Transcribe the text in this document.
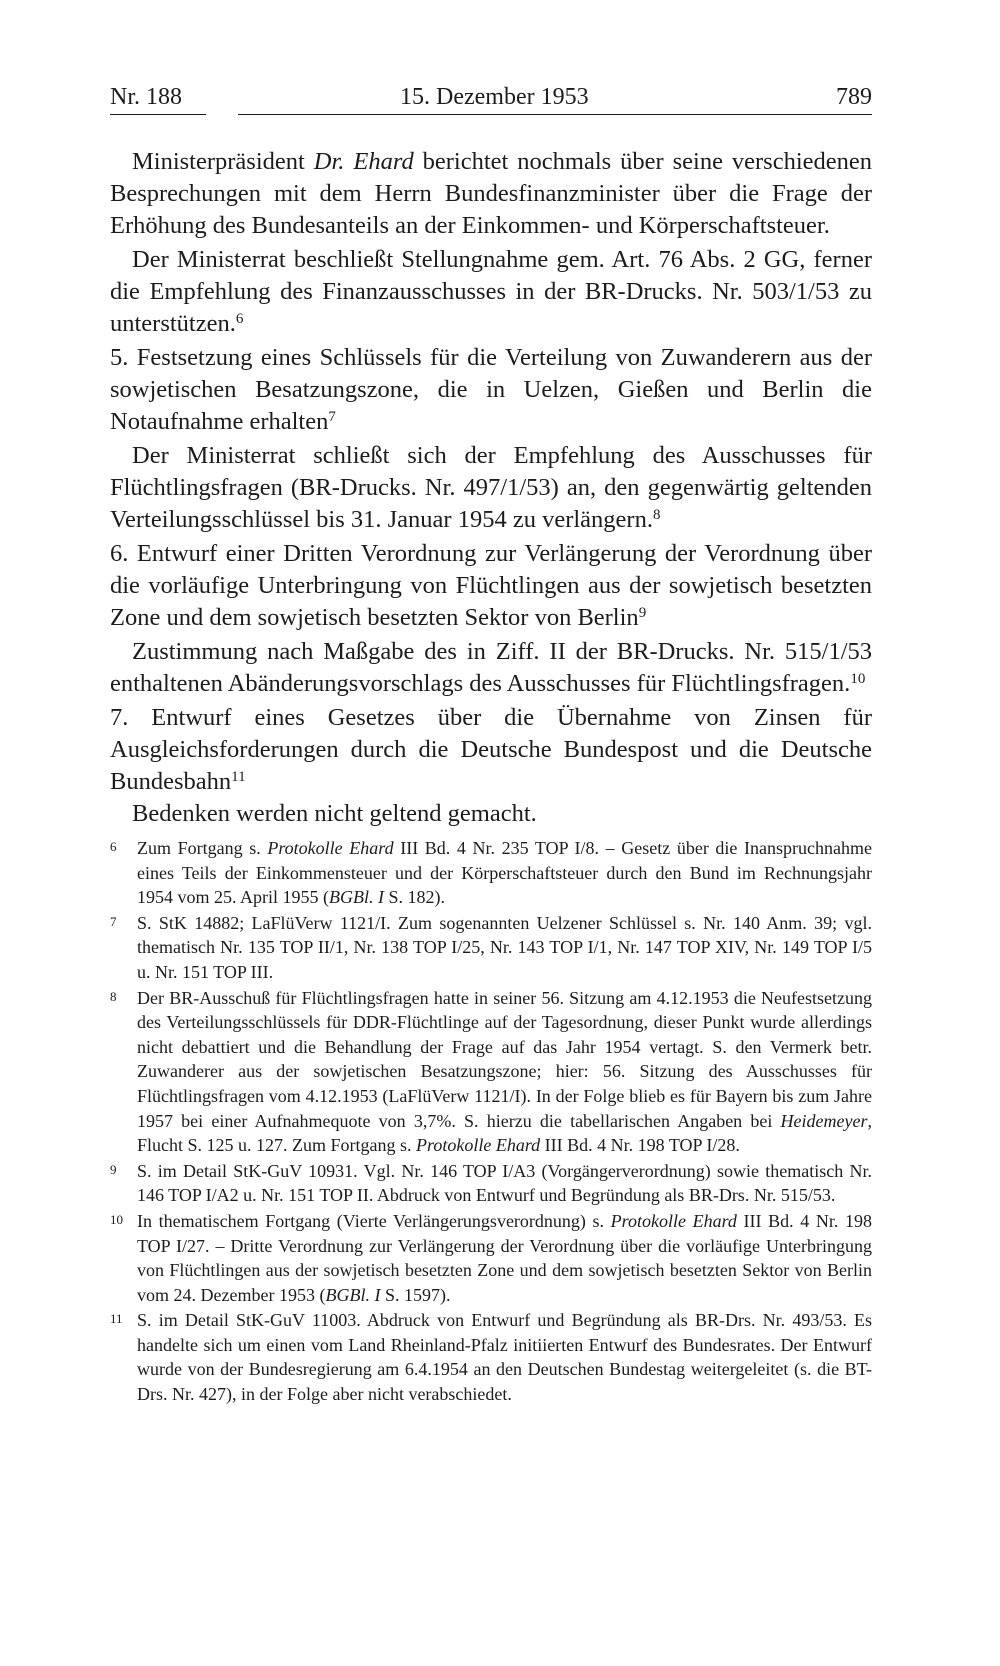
Nr. 188	15. Dezember 1953	789

Ministerpräsident Dr. Ehard berichtet nochmals über seine verschiedenen Besprechungen mit dem Herrn Bundesfinanzminister über die Frage der Erhöhung des Bundesanteils an der Einkommen- und Körperschaftsteuer.

Der Ministerrat beschließt Stellungnahme gem. Art. 76 Abs. 2 GG, ferner die Empfehlung des Finanzausschusses in der BR-Drucks. Nr. 503/1/53 zu unterstützen.$^6$

5. Festsetzung eines Schlüssels für die Verteilung von Zuwanderern aus der sowjetischen Besatzungszone, die in Uelzen, Gießen und Berlin die Notaufnahme erhalten$^7$

Der Ministerrat schließt sich der Empfehlung des Ausschusses für Flüchtlingsfragen (BR-Drucks. Nr. 497/1/53) an, den gegenwärtig geltenden Verteilungsschlüssel bis 31. Januar 1954 zu verlängern.$^8$

6. Entwurf einer Dritten Verordnung zur Verlängerung der Verordnung über die vorläufige Unterbringung von Flüchtlingen aus der sowjetisch besetzten Zone und dem sowjetisch besetzten Sektor von Berlin$^9$

Zustimmung nach Maßgabe des in Ziff. II der BR-Drucks. Nr. 515/1/53 enthaltenen Abänderungsvorschlags des Ausschusses für Flüchtlingsfragen.$^{10}$

7. Entwurf eines Gesetzes über die Übernahme von Zinsen für Ausgleichsforderungen durch die Deutsche Bundespost und die Deutsche Bundesbahn$^{11}$

Bedenken werden nicht geltend gemacht.

6 Zum Fortgang s. Protokolle Ehard III Bd. 4 Nr. 235 TOP I/8. – Gesetz über die Inanspruchnahme eines Teils der Einkommensteuer und der Körperschaftsteuer durch den Bund im Rechnungsjahr 1954 vom 25. April 1955 (BGBl. I S. 182).
7 S. StK 14882; LaFlüVerw 1121/I. Zum sogenannten Uelzener Schlüssel s. Nr. 140 Anm. 39; vgl. thematisch Nr. 135 TOP II/1, Nr. 138 TOP I/25, Nr. 143 TOP I/1, Nr. 147 TOP XIV, Nr. 149 TOP I/5 u. Nr. 151 TOP III.
8 Der BR-Ausschuß für Flüchtlingsfragen hatte in seiner 56. Sitzung am 4.12.1953 die Neufestsetzung des Verteilungsschlüssels für DDR-Flüchtlinge auf der Tagesordnung, dieser Punkt wurde allerdings nicht debattiert und die Behandlung der Frage auf das Jahr 1954 vertagt. S. den Vermerk betr. Zuwanderer aus der sowjetischen Besatzungszone; hier: 56. Sitzung des Ausschusses für Flüchtlingsfragen vom 4.12.1953 (LaFlüVerw 1121/I). In der Folge blieb es für Bayern bis zum Jahre 1957 bei einer Aufnahmequote von 3,7%. S. hierzu die tabellarischen Angaben bei Heidemeyer, Flucht S. 125 u. 127. Zum Fortgang s. Protokolle Ehard III Bd. 4 Nr. 198 TOP I/28.
9 S. im Detail StK-GuV 10931. Vgl. Nr. 146 TOP I/A3 (Vorgängerverordnung) sowie thematisch Nr. 146 TOP I/A2 u. Nr. 151 TOP II. Abdruck von Entwurf und Begründung als BR-Drs. Nr. 515/53.
10 In thematischem Fortgang (Vierte Verlängerungsverordnung) s. Protokolle Ehard III Bd. 4 Nr. 198 TOP I/27. – Dritte Verordnung zur Verlängerung der Verordnung über die vorläufige Unterbringung von Flüchtlingen aus der sowjetisch besetzten Zone und dem sowjetisch besetzten Sektor von Berlin vom 24. Dezember 1953 (BGBl. I S. 1597).
11 S. im Detail StK-GuV 11003. Abdruck von Entwurf und Begründung als BR-Drs. Nr. 493/53. Es handelte sich um einen vom Land Rheinland-Pfalz initiierten Entwurf des Bundesrates. Der Entwurf wurde von der Bundesregierung am 6.4.1954 an den Deutschen Bundestag weitergeleitet (s. die BT-Drs. Nr. 427), in der Folge aber nicht verabschiedet.
